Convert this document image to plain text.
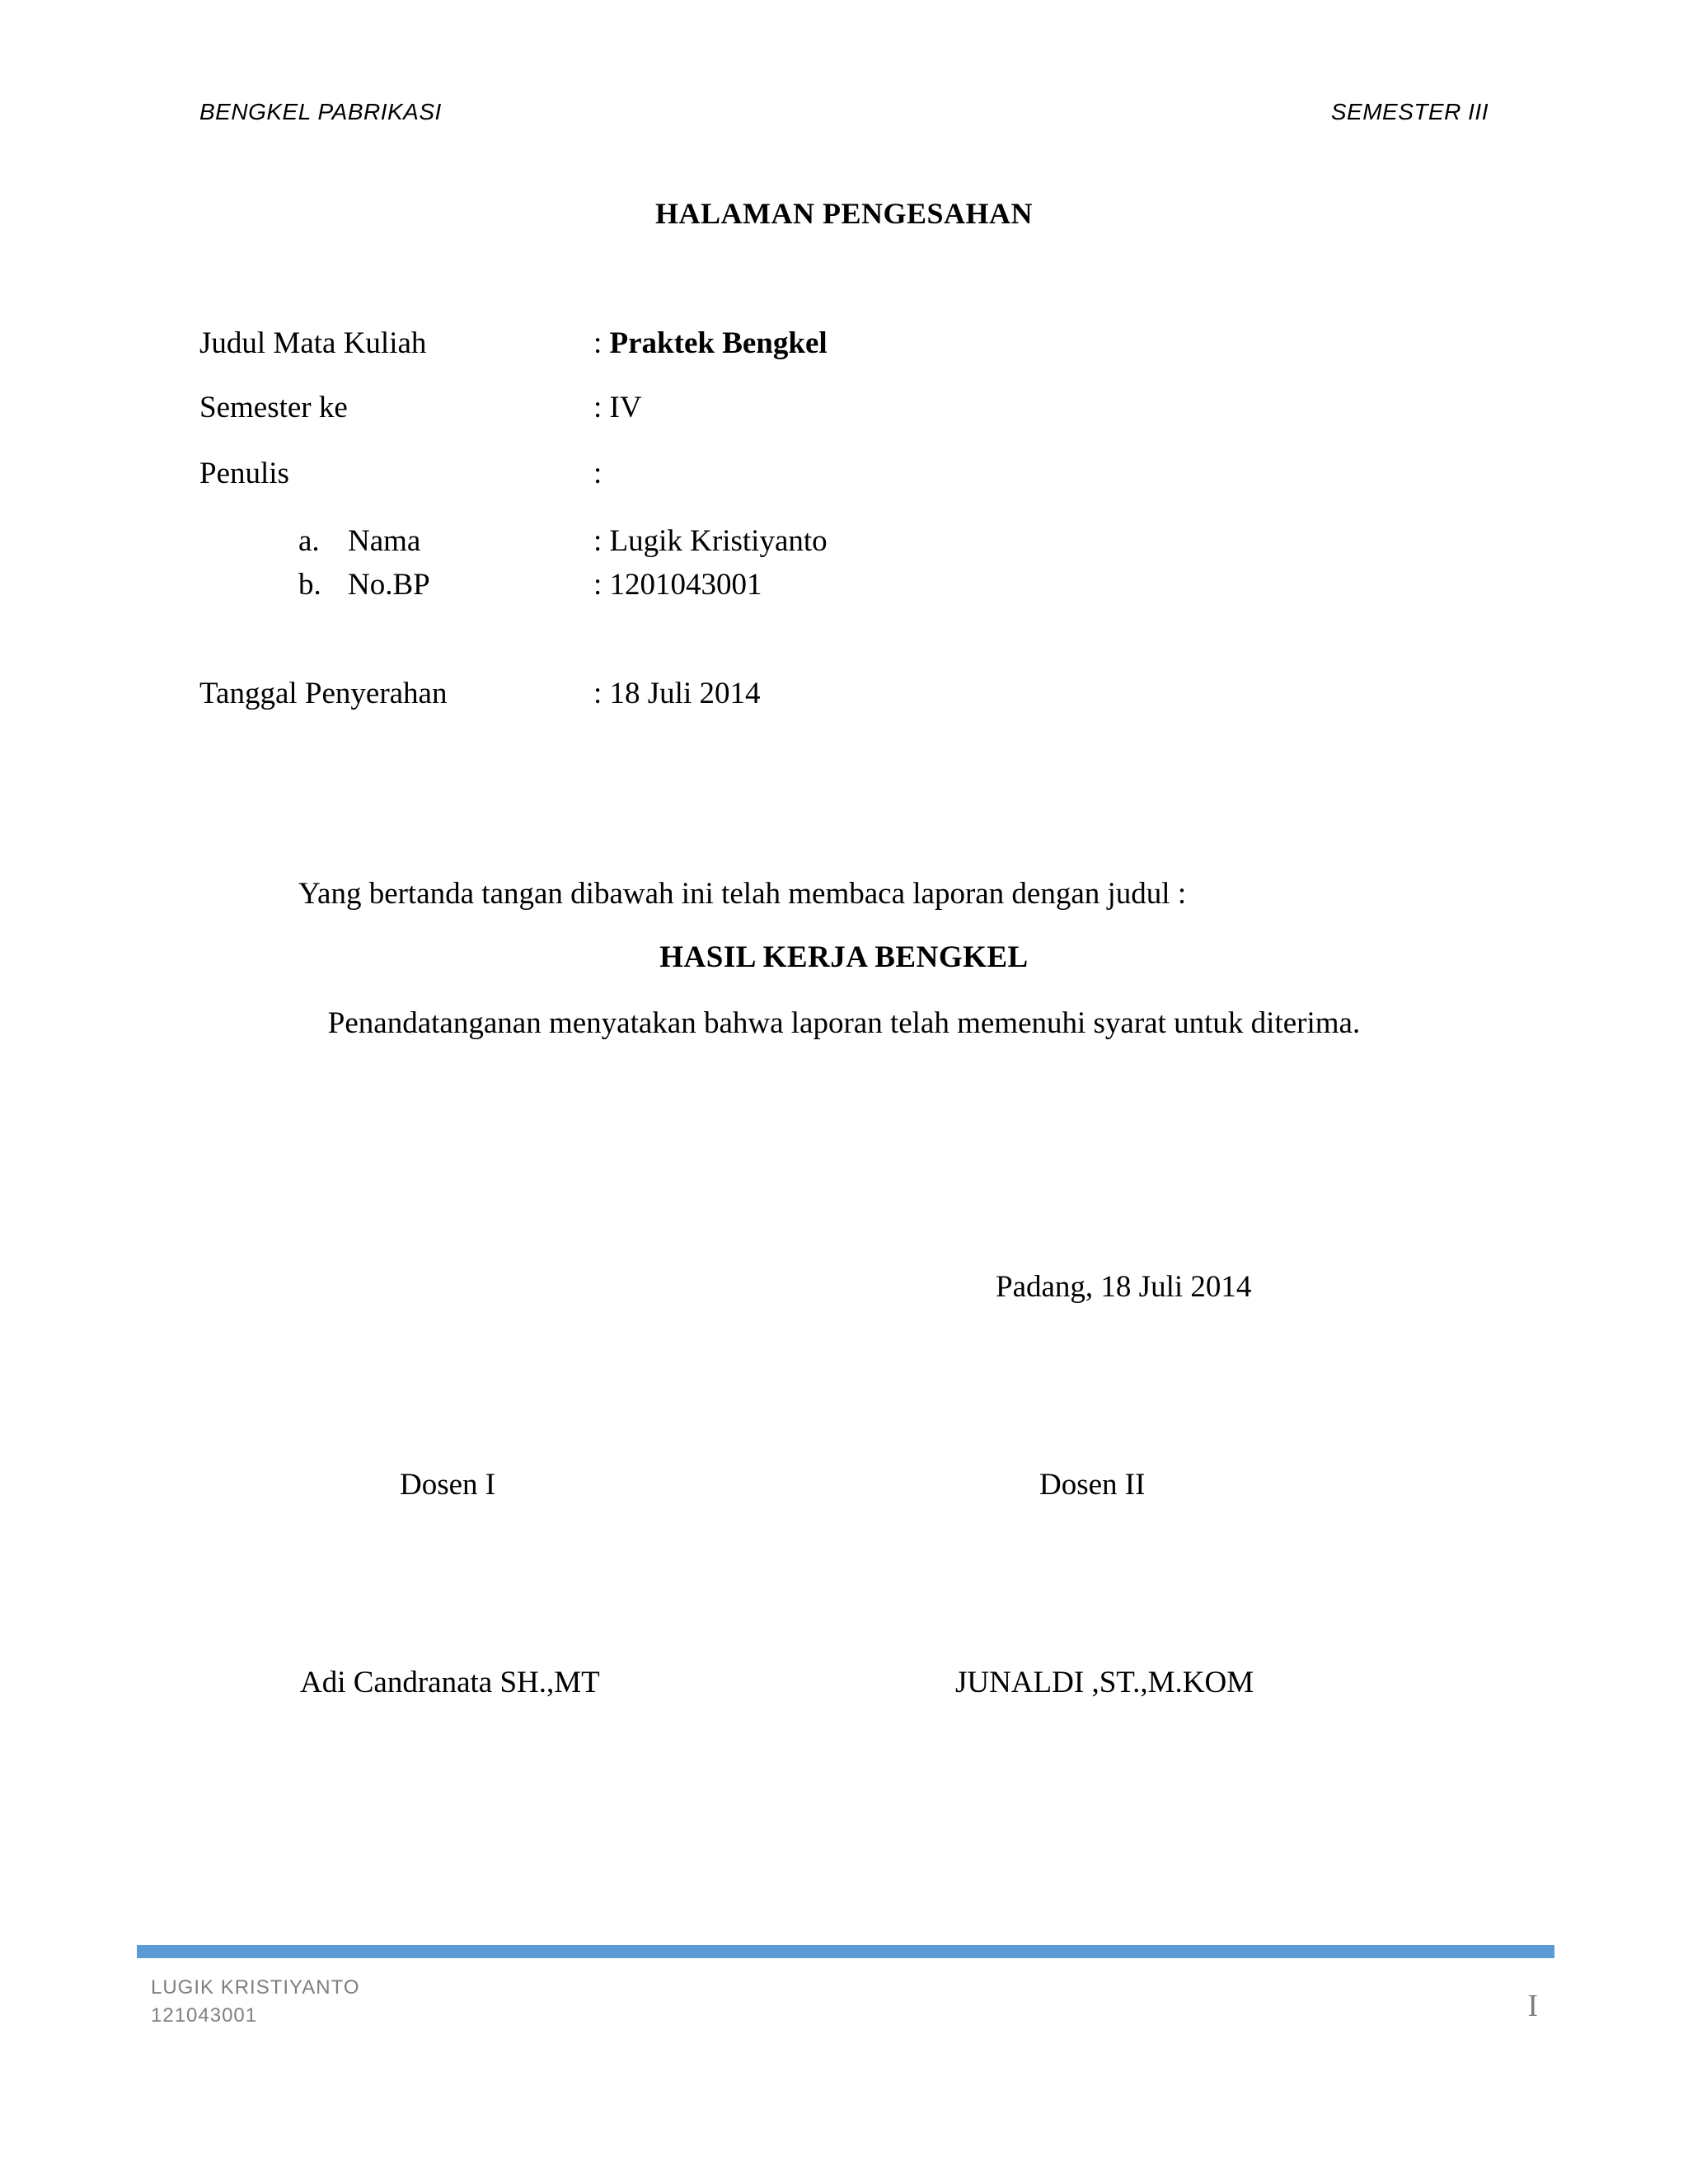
BENGKEL PABRIKASI	SEMESTER III
HALAMAN PENGESAHAN
Judul Mata Kuliah	: Praktek Bengkel
Semester ke	: IV
Penulis	:
a. Nama	: Lugik Kristiyanto
b. No.BP	: 1201043001
Tanggal Penyerahan	: 18 Juli 2014
Yang bertanda tangan dibawah ini telah membaca laporan dengan judul :
HASIL KERJA BENGKEL
Penandatanganan menyatakan bahwa laporan telah memenuhi syarat untuk diterima.
Padang, 18 Juli 2014
Dosen I	Dosen II
Adi Candranata SH.,MT	JUNALDI ,ST.,M.KOM
LUGIK KRISTIYANTO
121043001	I
